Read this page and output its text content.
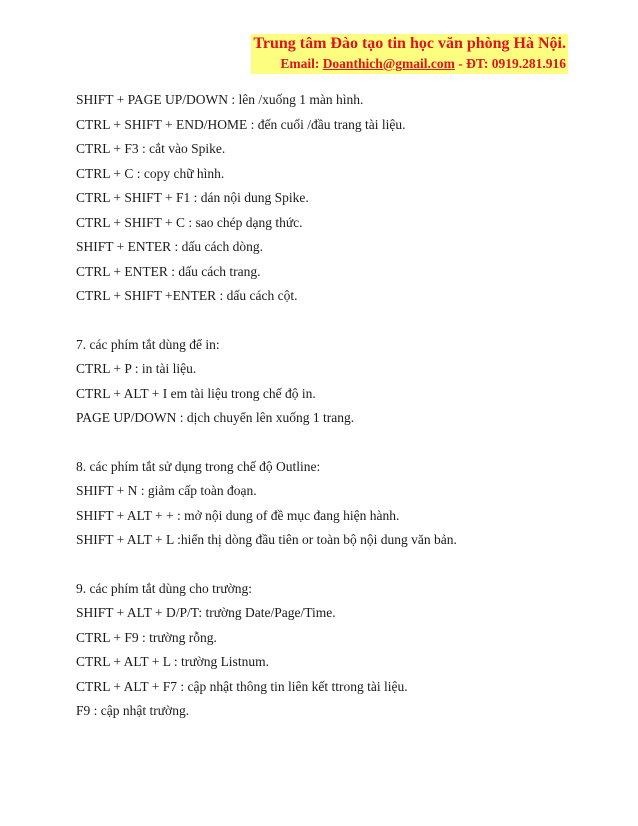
Trung tâm Đào tạo tin học văn phòng Hà Nội.
Email: Doanthich@gmail.com - ĐT: 0919.281.916
SHIFT + PAGE UP/DOWN : lên /xuống 1 màn hình.
CTRL + SHIFT + END/HOME : đến cuối /đầu trang tài liệu.
CTRL + F3 : cắt vào Spike.
CTRL + C : copy chữ hình.
CTRL + SHIFT + F1 : dán nội dung Spike.
CTRL + SHIFT + C : sao chép dạng thức.
SHIFT + ENTER : dấu cách dòng.
CTRL + ENTER : dấu cách trang.
CTRL + SHIFT +ENTER : dấu cách cột.
7. các phím tắt dùng để in:
CTRL + P : in tài liệu.
CTRL + ALT + I em tài liệu trong chế độ in.
PAGE UP/DOWN : dịch chuyển lên xuống 1 trang.
8. các phím tắt sử dụng trong chế độ Outline:
SHIFT + N : giảm cấp toàn đoạn.
SHIFT + ALT + + : mở nội dung of đề mục đang hiện hành.
SHIFT + ALT + L :hiển thị dòng đầu tiên or toàn bộ nội dung văn bản.
9. các phím tắt dùng cho trường:
SHIFT + ALT + D/P/T: trường Date/Page/Time.
CTRL + F9 : trường rỗng.
CTRL + ALT + L : trường Listnum.
CTRL + ALT + F7 : cập nhật thông tin liên kết ttrong tài liệu.
F9 : cập nhật trường.
